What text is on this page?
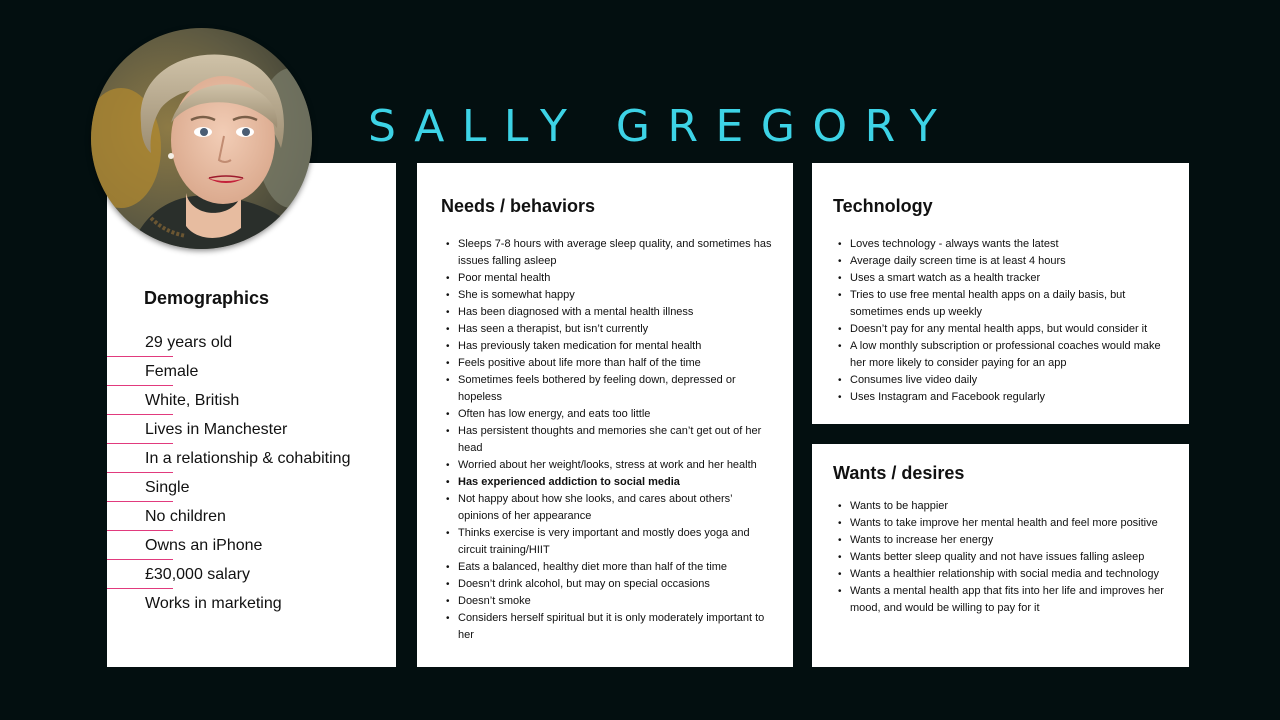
SALLY GREGORY
Demographics
29 years old
Female
White, British
Lives in Manchester
In a relationship & cohabiting
Single
No children
Owns an iPhone
£30,000 salary
Works in marketing
Needs / behaviors
• Sleeps 7-8 hours with average sleep quality, and sometimes has issues falling asleep
• Poor mental health
• She is somewhat happy
• Has been diagnosed with a mental health illness
• Has seen a therapist, but isn’t currently
• Has previously taken medication for mental health
• Feels positive about life more than half of the time
• Sometimes feels bothered by feeling down, depressed or hopeless
• Often has low energy, and eats too little
• Has persistent thoughts and memories she can’t get out of her head
• Worried about her weight/looks, stress at work and her health
• Has experienced addiction to social media
• Not happy about how she looks, and cares about others’ opinions of her appearance
• Thinks exercise is very important and mostly does yoga and circuit training/HIIT
• Eats a balanced, healthy diet more than half of the time
• Doesn’t drink alcohol, but may on special occasions
• Doesn’t smoke
• Considers herself spiritual but it is only moderately important to her
Technology
• Loves technology - always wants the latest
• Average daily screen time is at least 4 hours
• Uses a smart watch as a health tracker
• Tries to use free mental health apps on a daily basis, but sometimes ends up weekly
• Doesn’t pay for any mental health apps, but would consider it
• A low monthly subscription or professional coaches would make her more likely to consider paying for an app
• Consumes live video daily
• Uses Instagram and Facebook regularly
Wants / desires
• Wants to be happier
• Wants to take improve her mental health and feel more positive
• Wants to increase her energy
• Wants better sleep quality and not have issues falling asleep
• Wants a healthier relationship with social media and technology
• Wants a mental health app that fits into her life and improves her mood, and would be willing to pay for it
